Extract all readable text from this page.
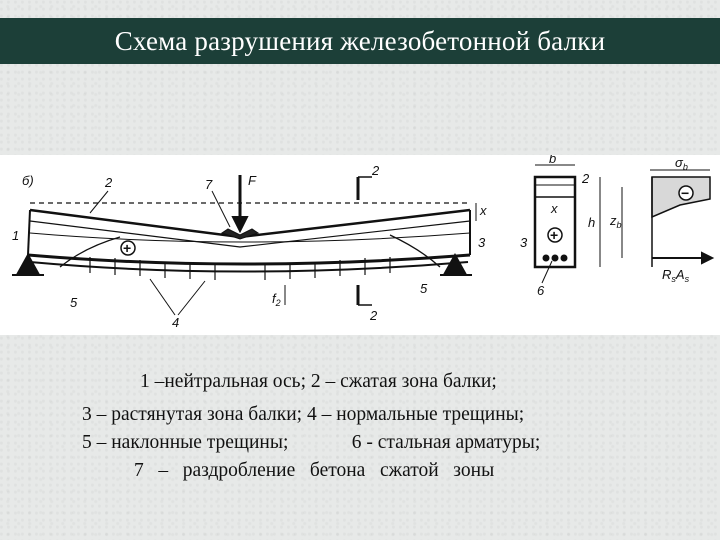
Схема разрушения железобетонной балки
б)	F
7
+
2
2
x
$f_2$
1
2
3
4
5
5
b
2
x
+
3
6
h $z_b$
$\sigma_b$
−
$R_sA_s$
1 –нейтральная ось; 2 – сжатая зона балки;
3 – растянутая зона балки; 4 – нормальные трещины;
5 – наклонные трещины;             6 - стальная арматуры;
7   –   раздробление   бетона   сжатой   зоны
